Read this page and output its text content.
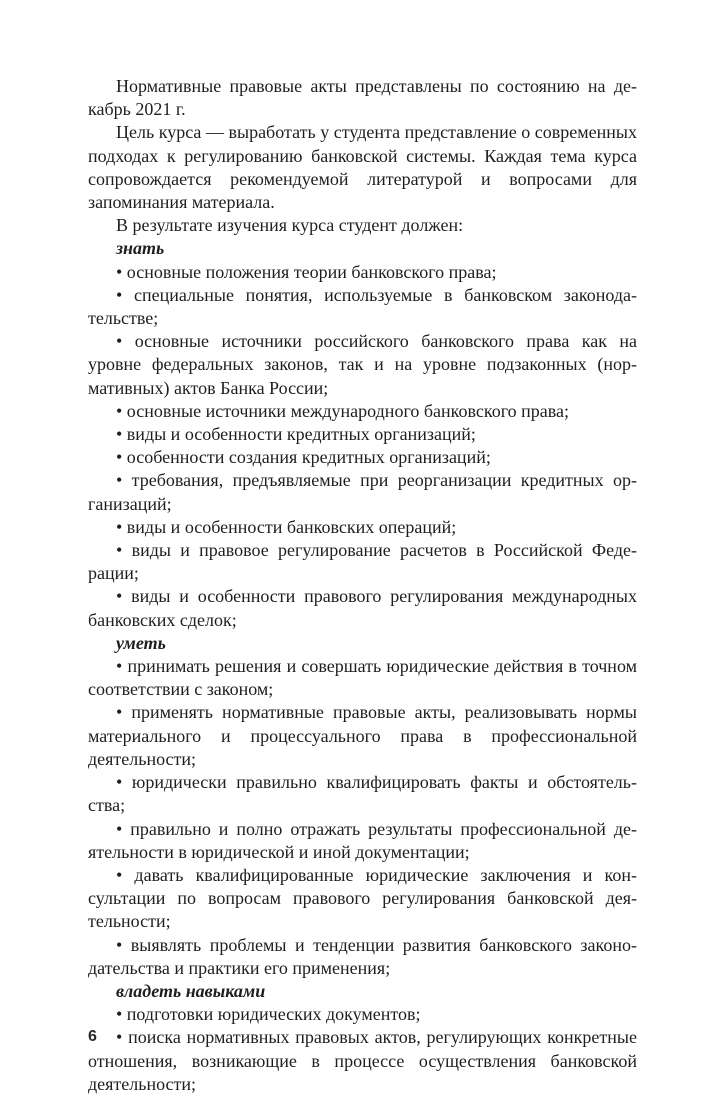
Нормативные правовые акты представлены по состоянию на декабрь 2021 г.

Цель курса — выработать у студента представление о современных подходах к регулированию банковской системы. Каждая тема курса сопровождается рекомендуемой литературой и вопросами для запоминания материала.

В результате изучения курса студент должен:

знать

• основные положения теории банковского права;

• специальные понятия, используемые в банковском законодательстве;

• основные источники российского банковского права как на уровне федеральных законов, так и на уровне подзаконных (нормативных) актов Банка России;

• основные источники международного банковского права;

• виды и особенности кредитных организаций;

• особенности создания кредитных организаций;

• требования, предъявляемые при реорганизации кредитных организаций;

• виды и особенности банковских операций;

• виды и правовое регулирование расчетов в Российской Федерации;

• виды и особенности правового регулирования международных банковских сделок;

уметь

• принимать решения и совершать юридические действия в точном соответствии с законом;

• применять нормативные правовые акты, реализовывать нормы материального и процессуального права в профессиональной деятельности;

• юридически правильно квалифицировать факты и обстоятельства;

• правильно и полно отражать результаты профессиональной деятельности в юридической и иной документации;

• давать квалифицированные юридические заключения и консультации по вопросам правового регулирования банковской деятельности;

• выявлять проблемы и тенденции развития банковского законодательства и практики его применения;

владеть навыками

• подготовки юридических документов;

• поиска нормативных правовых актов, регулирующих конкретные отношения, возникающие в процессе осуществления банковской деятельности;

6
